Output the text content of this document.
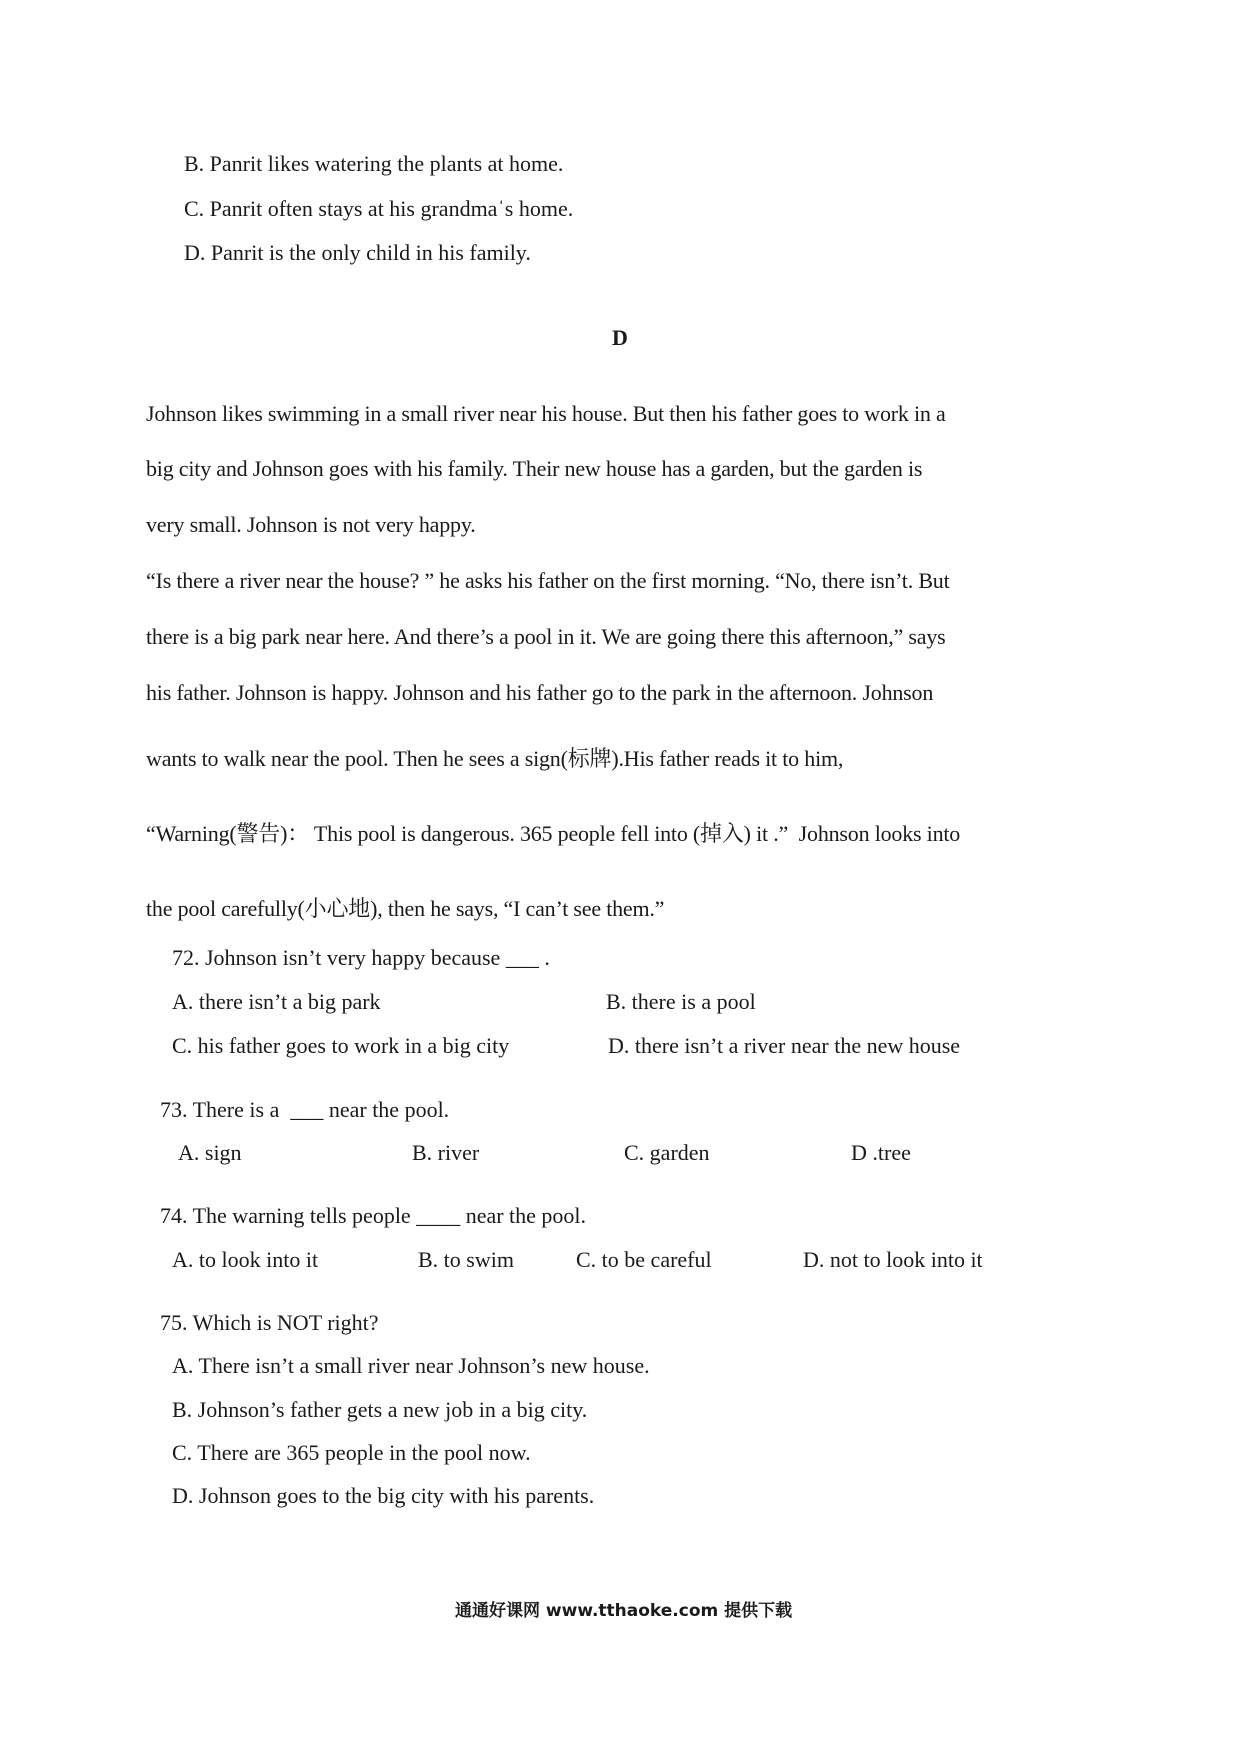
B. Panrit likes watering the plants at home.
C. Panrit often stays at his grandmaˈs home.
D. Panrit is the only child in his family.
D
Johnson likes swimming in a small river near his house. But then his father goes to work in a
big city and Johnson goes with his family. Their new house has a garden, but the garden is
very small. Johnson is not very happy.
“Is there a river near the house? ” he asks his father on the first morning. “No, there isn’t. But
there is a big park near here. And there’s a pool in it. We are going there this afternoon,” says
his father. Johnson is happy. Johnson and his father go to the park in the afternoon. Johnson
wants to walk near the pool. Then he sees a sign(标牌).His father reads it to him,
“Warning(警告)： This pool is dangerous. 365 people fell into (掉入) it .”  Johnson looks into
the pool carefully(小心地), then he says, “I can’t see them.”
72. Johnson isn’t very happy because ___ .
A. there isn’t a big park	B. there is a pool
C. his father goes to work in a big city	D. there isn’t a river near the new house
73. There is a  ___ near the pool.
A. sign	B. river	C. garden	D .tree
74. The warning tells people ____ near the pool.
A. to look into it	B. to swim	C. to be careful	D. not to look into it
75. Which is NOT right?
A. There isn’t a small river near Johnson’s new house.
B. Johnson’s father gets a new job in a big city.
C. There are 365 people in the pool now.
D. Johnson goes to the big city with his parents.
通通好课网 www.tthaoke.com 提供下载
